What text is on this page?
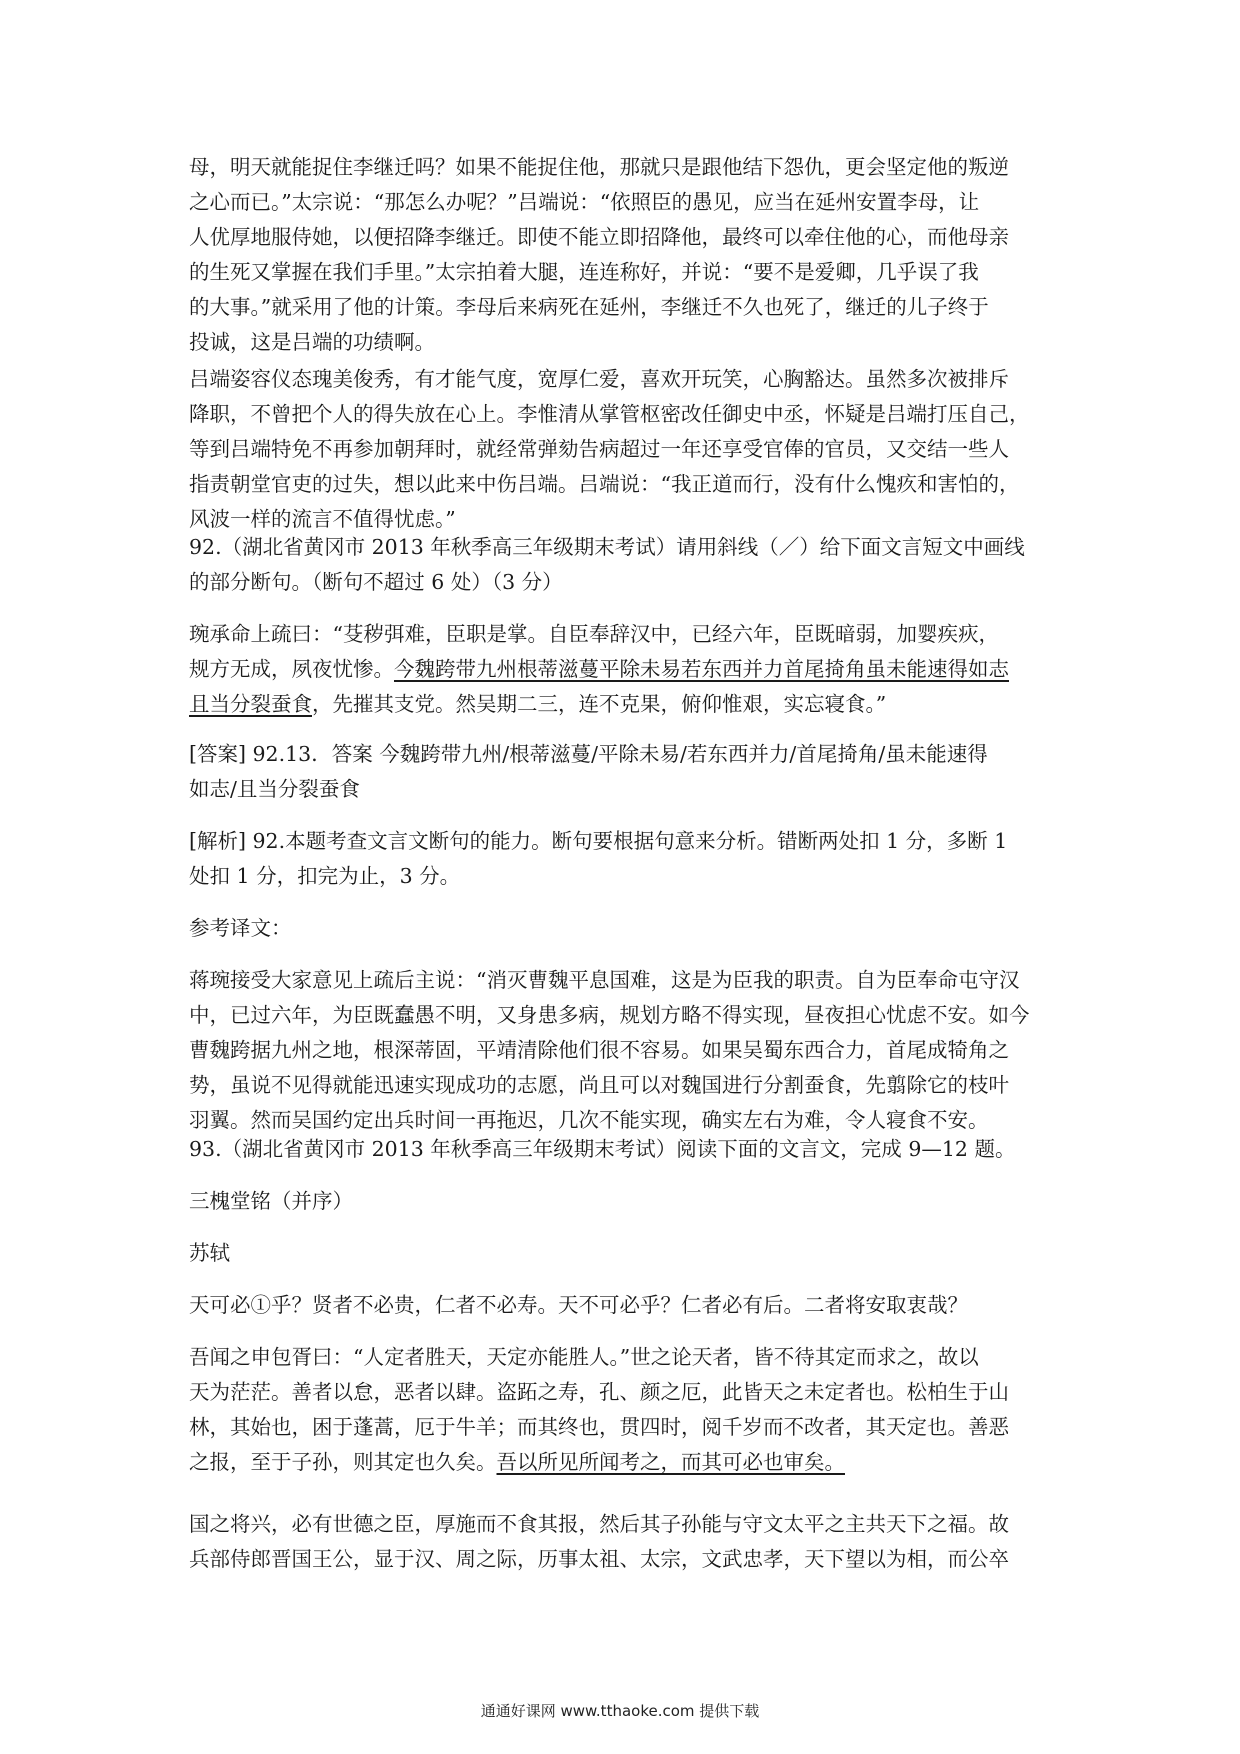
母，明天就能捉住李继迁吗？如果不能捉住他，那就只是跟他结下怨仇，更会坚定他的叛逆
之心而已。”太宗说：“那怎么办呢？”吕端说：“依照臣的愚见，应当在延州安置李母，让
人优厚地服侍她，以便招降李继迁。即使不能立即招降他，最终可以牵住他的心，而他母亲
的生死又掌握在我们手里。”太宗拍着大腿，连连称好，并说：“要不是爱卿，几乎误了我
的大事。”就采用了他的计策。李母后来病死在延州，李继迁不久也死了，继迁的儿子终于
投诚，这是吕端的功绩啊。
吕端姿容仪态瑰美俊秀，有才能气度，宽厚仁爱，喜欢开玩笑，心胸豁达。虽然多次被排斥
降职，不曾把个人的得失放在心上。李惟清从掌管枢密改任御史中丞，怀疑是吕端打压自己，
等到吕端特免不再参加朝拜时，就经常弹劾告病超过一年还享受官俸的官员，又交结一些人
指责朝堂官吏的过失，想以此来中伤吕端。吕端说：“我正道而行，没有什么愧疚和害怕的，
风波一样的流言不值得忧虑。”
92.（湖北省黄冈市 2013 年秋季高三年级期末考试）请用斜线（／）给下面文言短文中画线
的部分断句。（断句不超过 6 处）（3 分）
琬承命上疏曰：“芟秽弭难，臣职是掌。自臣奉辞汉中，已经六年，臣既暗弱，加婴疾疢，
规方无成，夙夜忧惨。今魏跨带九州根蒂滋蔓平除未易若东西并力首尾掎角虽未能速得如志
且当分裂蚕食，先摧其支党。然吴期二三，连不克果，俯仰惟艰，实忘寝食。”
[答案] 92.13．答案 今魏跨带九州/根蒂滋蔓/平除未易/若东西并力/首尾掎角/虽未能速得
如志/且当分裂蚕食
[解析] 92.本题考查文言文断句的能力。断句要根据句意来分析。错断两处扣 1 分，多断 1
处扣 1 分，扣完为止，3 分。
参考译文：
蒋琬接受大家意见上疏后主说：“消灭曹魏平息国难，这是为臣我的职责。自为臣奉命屯守汉
中，已过六年，为臣既蠢愚不明，又身患多病，规划方略不得实现，昼夜担心忧虑不安。如今
曹魏跨据九州之地，根深蒂固，平靖清除他们很不容易。如果吴蜀东西合力，首尾成犄角之
势，虽说不见得就能迅速实现成功的志愿，尚且可以对魏国进行分割蚕食，先翦除它的枝叶
羽翼。然而吴国约定出兵时间一再拖迟，几次不能实现，确实左右为难，令人寝食不安。
93.（湖北省黄冈市 2013 年秋季高三年级期末考试）阅读下面的文言文，完成 9—12 题。
三槐堂铭（并序）
苏轼
天可必①乎？贤者不必贵，仁者不必寿。天不可必乎？仁者必有后。二者将安取衷哉？
吾闻之申包胥曰：“人定者胜天，天定亦能胜人。”世之论天者，皆不待其定而求之，故以
天为茫茫。善者以怠，恶者以肆。盗跖之寿，孔、颜之厄，此皆天之未定者也。松柏生于山
林，其始也，困于蓬蒿，厄于牛羊；而其终也，贯四时，阅千岁而不改者，其天定也。善恶
之报，至于子孙，则其定也久矣。吾以所见所闻考之，而其可必也审矣。
国之将兴，必有世德之臣，厚施而不食其报，然后其子孙能与守文太平之主共天下之福。故
兵部侍郎晋国王公，显于汉、周之际，历事太祖、太宗，文武忠孝，天下望以为相，而公卒
通通好课网 www.tthaoke.com 提供下载
